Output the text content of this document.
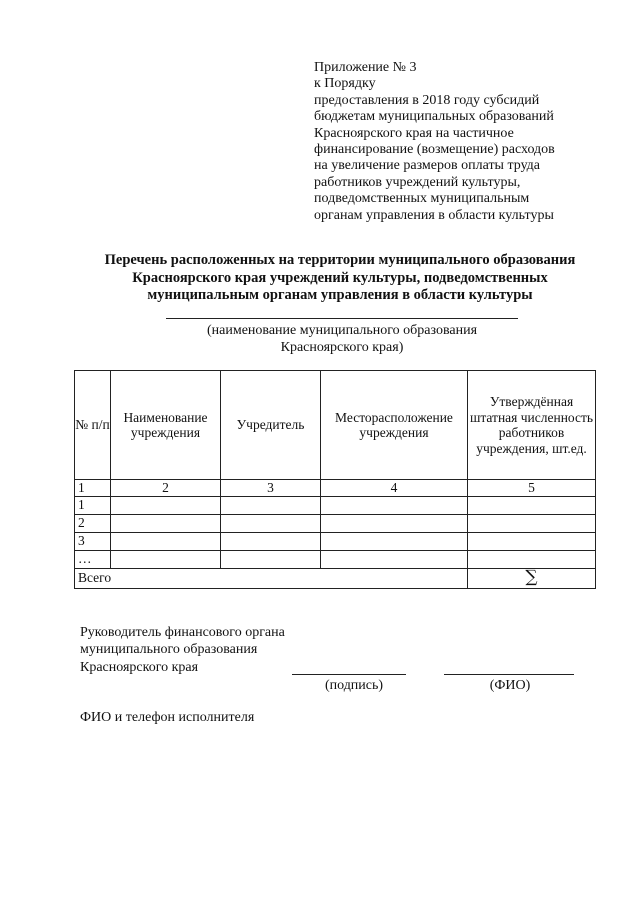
Приложение № 3
к Порядку
предоставления в 2018 году субсидий
бюджетам муниципальных образований
Красноярского края на частичное
финансирование (возмещение) расходов
на увеличение размеров оплаты труда
работников учреждений культуры,
подведомственных муниципальным
органам управления в области культуры
Перечень расположенных на территории муниципального образования
Красноярского края учреждений культуры, подведомственных
муниципальным органам управления в области культуры
(наименование муниципального образования
Красноярского края)
№ п/п	Наименование учреждения	Учредитель	Месторасположение учреждения	Утверждённая штатная численность работников учреждения, шт.ед.
1	2	3	4	5
1				
2				
3				
…				
Всего				∑
Руководитель финансового органа
муниципального образования
Красноярского края
(подпись)	(ФИО)
ФИО и телефон исполнителя
